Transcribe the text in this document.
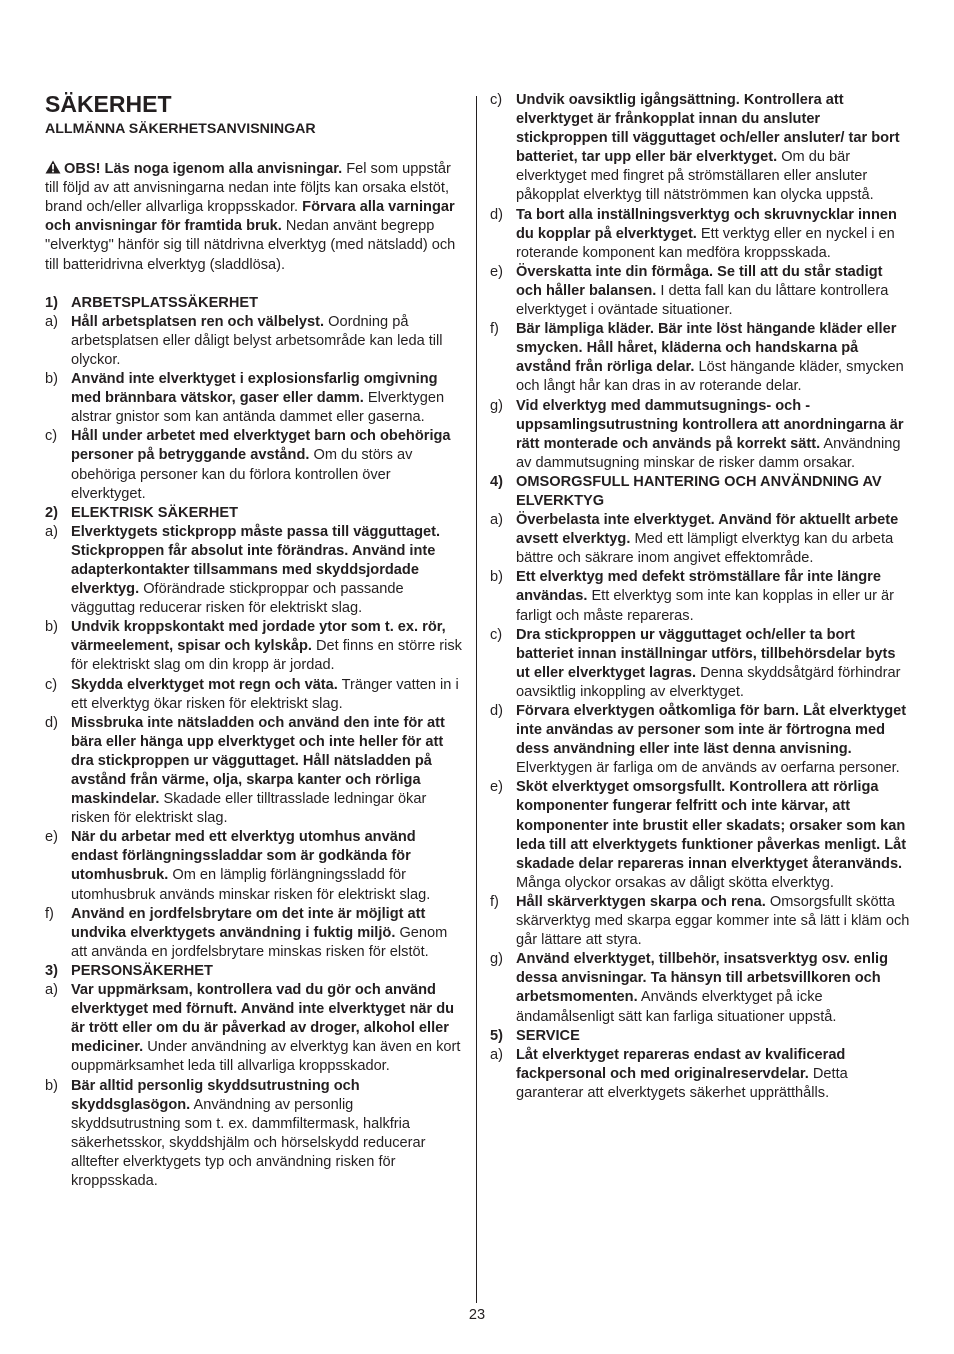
SÄKERHET
ALLMÄNNA SÄKERHETSANVISNINGAR

OBS! Läs noga igenom alla anvisningar. Fel som uppstår till följd av att anvisningarna nedan inte följts kan orsaka elstöt, brand och/eller allvarliga kroppsskador. Förvara alla varningar och anvisningar för framtida bruk. Nedan använt begrepp "elverktyg" hänför sig till nätdrivna elverktyg (med nätsladd) och till batteridrivna elverktyg (sladdlösa).

1) ARBETSPLATSSÄKERHET
a) Håll arbetsplatsen ren och välbelyst. Oordning på arbetsplatsen eller dåligt belyst arbetsområde kan leda till olyckor.
b) Använd inte elverktyget i explosionsfarlig omgivning med brännbara vätskor, gaser eller damm. Elverktygen alstrar gnistor som kan antända dammet eller gaserna.
c) Håll under arbetet med elverktyget barn och obehöriga personer på betryggande avstånd. Om du störs av obehöriga personer kan du förlora kontrollen över elverktyget.
2) ELEKTRISK SÄKERHET
a) Elverktygets stickpropp måste passa till vägguttaget. Stickproppen får absolut inte förändras. Använd inte adapterkontakter tillsammans med skyddsjordade elverktyg. Oförändrade stickproppar och passande vägguttag reducerar risken för elektriskt slag.
b) Undvik kroppskontakt med jordade ytor som t. ex. rör, värmeelement, spisar och kylskåp. Det finns en större risk för elektriskt slag om din kropp är jordad.
c) Skydda elverktyget mot regn och väta. Tränger vatten in i ett elverktyg ökar risken för elektriskt slag.
d) Missbruka inte nätsladden och använd den inte för att bära eller hänga upp elverktyget och inte heller för att dra stickproppen ur vägguttaget. Håll nätsladden på avstånd från värme, olja, skarpa kanter och rörliga maskindelar. Skadade eller tilltrasslade ledningar ökar risken för elektriskt slag.
e) När du arbetar med ett elverktyg utomhus använd endast förlängningssladdar som är godkända för utomhusbruk. Om en lämplig förlängningssladd för utomhusbruk används minskar risken för elektriskt slag.
f)	Använd en jordfelsbrytare om det inte är möjligt att undvika elverktygets användning i fuktig miljö. Genom att använda en jordfelsbrytare minskas risken för elstöt.
3) PERSONSÄKERHET
a) Var uppmärksam, kontrollera vad du gör och använd elverktyget med förnuft. Använd inte elverktyget när du är trött eller om du är påverkad av droger, alkohol eller mediciner. Under användning av elverktyg kan även en kort ouppmärksamhet leda till allvarliga kroppsskador.
b) Bär alltid personlig skyddsutrustning och skyddsglasögon. Användning av personlig skyddsutrustning som t. ex. dammfiltermask, halkfria säkerhetsskor, skyddshjälm och hörselskydd reducerar alltefter elverktygets typ och användning risken för kroppsskada.
c) Undvik oavsiktlig igångsättning. Kontrollera att elverktyget är frånkopplat innan du ansluter stickproppen till vägguttaget och/eller ansluter/ tar bort batteriet, tar upp eller bär elverktyget. Om du bär elverktyget med fingret på strömställaren eller ansluter påkopplat elverktyg till nätströmmen kan olycka uppstå.
d) Ta bort alla inställningsverktyg och skruvnycklar innen du kopplar på elverktyget. Ett verktyg eller en nyckel i en roterande komponent kan medföra kroppsskada.
e) Överskatta inte din förmåga. Se till att du står stadigt och håller balansen. I detta fall kan du låttare kontrollera elverktyget i oväntade situationer.
f)	Bär lämpliga kläder. Bär inte löst hängande kläder eller smycken. Håll håret, kläderna och handskarna på avstånd från rörliga delar. Löst hängande kläder, smycken och långt hår kan dras in av roterande delar.
g) Vid elverktyg med dammutsugnings- och -uppsamlingsutrustning kontrollera att anordningarna är rätt monterade och används på korrekt sätt. Användning av dammutsugning minskar de risker damm orsakar.
4) OMSORGSFULL HANTERING OCH ANVÄNDNING AV ELVERKTYG
a) Överbelasta inte elverktyget. Använd för aktuellt arbete avsett elverktyg. Med ett lämpligt elverktyg kan du arbeta bättre och säkrare inom angivet effektområde.
b) Ett elverktyg med defekt strömställare får inte längre användas. Ett elverktyg som inte kan kopplas in eller ur är farligt och måste repareras.
c) Dra stickproppen ur vägguttaget och/eller ta bort batteriet innan inställningar utförs, tillbehörsdelar byts ut eller elverktyget lagras. Denna skyddsåtgärd förhindrar oavsiktlig inkoppling av elverktyget.
d) Förvara elverktygen oåtkomliga för barn. Låt elverktyget inte användas av personer som inte är förtrogna med dess användning eller inte läst denna anvisning. Elverktygen är farliga om de används av oerfarna personer.
e) Sköt elverktyget omsorgsfullt. Kontrollera att rörliga komponenter fungerar felfritt och inte kärvar, att komponenter inte brustit eller skadats; orsaker som kan leda till att elverktygets funktioner påverkas menligt. Låt skadade delar repareras innan elverktyget återanvänds. Många olyckor orsakas av dåligt skötta elverktyg.
f)	Håll skärverktygen skarpa och rena. Omsorgsfullt skötta skärverktyg med skarpa eggar kommer inte så lätt i kläm och går lättare att styra.
g) Använd elverktyget, tillbehör, insatsverktyg osv. enlig dessa anvisningar. Ta hänsyn till arbetsvillkoren och arbetsmomenten. Används elverktyget på icke ändamålsenligt sätt kan farliga situationer uppstå.
5) SERVICE
a) Låt elverktyget repareras endast av kvalificerad fackpersonal och med originalreservdelar. Detta garanterar att elverktygets säkerhet upprätthålls.
23
